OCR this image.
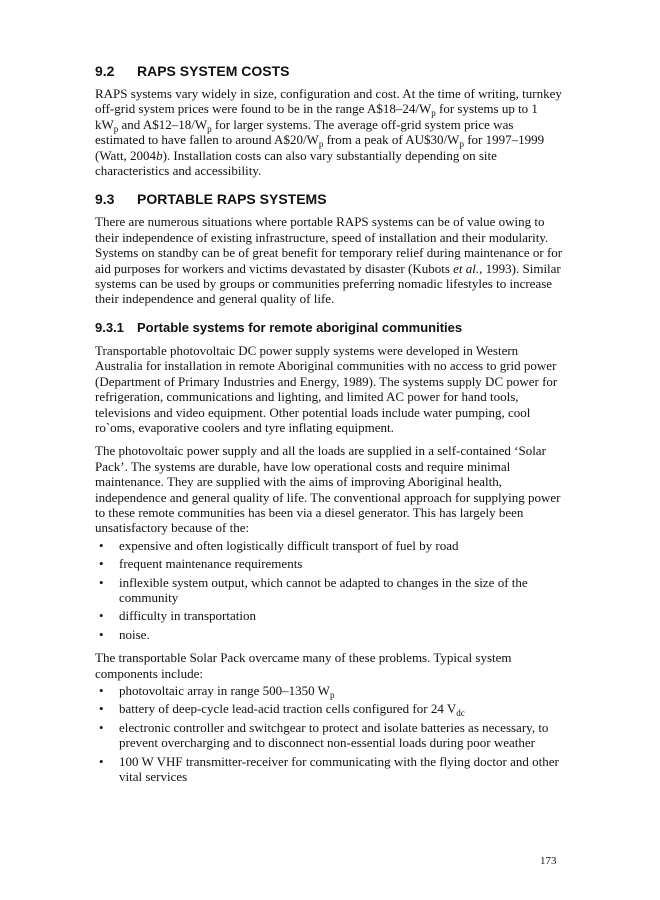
9.2 RAPS SYSTEM COSTS

RAPS systems vary widely in size, configuration and cost. At the time of writing, turnkey off-grid system prices were found to be in the range $A\$18-24/W_p$ for systems up to 1 $kW_p$ and $A\$12-18/W_p$ for larger systems. The average off-grid system price was estimated to have fallen to around $A\$20/W_p$ from a peak of $AU\$30/W_p$ for 1997–1999 (Watt, 2004b). Installation costs can also vary substantially depending on site characteristics and accessibility.

9.3 PORTABLE RAPS SYSTEMS

There are numerous situations where portable RAPS systems can be of value owing to their independence of existing infrastructure, speed of installation and their modularity. Systems on standby can be of great benefit for temporary relief during maintenance or for aid purposes for workers and victims devastated by disaster (Kubots et al., 1993). Similar systems can be used by groups or communities preferring nomadic lifestyles to increase their independence and general quality of life.

9.3.1 Portable systems for remote aboriginal communities

Transportable photovoltaic DC power supply systems were developed in Western Australia for installation in remote Aboriginal communities with no access to grid power (Department of Primary Industries and Energy, 1989). The systems supply DC power for refrigeration, communications and lighting, and limited AC power for hand tools, televisions and video equipment. Other potential loads include water pumping, cool ro`oms, evaporative coolers and tyre inflating equipment.

The photovoltaic power supply and all the loads are supplied in a self-contained ‘Solar Pack’. The systems are durable, have low operational costs and require minimal maintenance. They are supplied with the aims of improving Aboriginal health, independence and general quality of life. The conventional approach for supplying power to these remote communities has been via a diesel generator. This has largely been unsatisfactory because of the:

• expensive and often logistically difficult transport of fuel by road
• frequent maintenance requirements
• inflexible system output, which cannot be adapted to changes in the size of the community
• difficulty in transportation
• noise.

The transportable Solar Pack overcame many of these problems. Typical system components include:

• photovoltaic array in range 500–1350 $W_p$
• battery of deep-cycle lead-acid traction cells configured for 24 $V_{dc}$
• electronic controller and switchgear to protect and isolate batteries as necessary, to prevent overcharging and to disconnect non-essential loads during poor weather
• 100 W VHF transmitter-receiver for communicating with the flying doctor and other vital services
173
